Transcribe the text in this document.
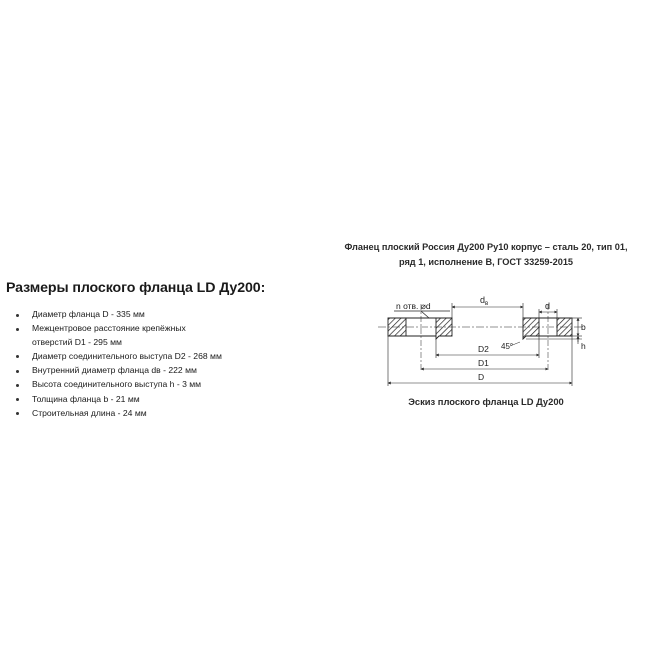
Размеры плоского фланца LD Ду200:
Диаметр фланца D - 335 мм
Межцентровое расстояние крепёжных
отверстий D1 - 295 мм
Диаметр соединительного выступа D2 - 268 мм
Внутренний диаметр фланца dв - 222 мм
Высота соединительного выступа h - 3 мм
Толщина фланца b - 21 мм
Строительная длина - 24 мм
Фланец плоский Россия Ду200 Ру10 корпус – сталь 20, тип 01,
ряд 1, исполнение В, ГОСТ 33259-2015
n отв. ⌀d
$d_в$	d
b
h
45°
D2
D1
D
Эскиз плоского фланца LD Ду200
